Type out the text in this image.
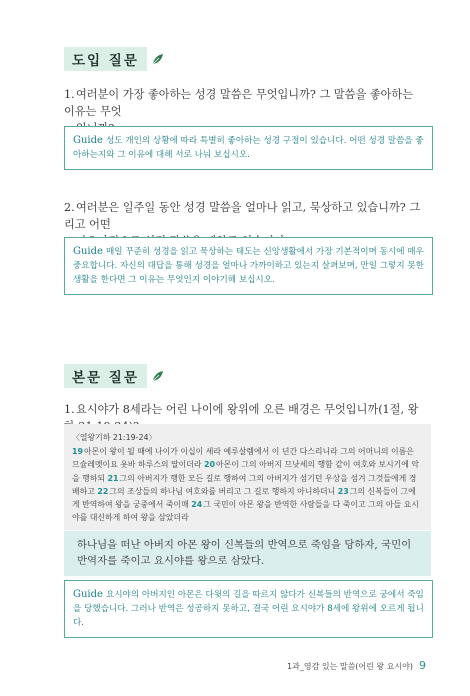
도입 질문
1.여러분이 가장 좋아하는 성경 말씀은 무엇입니까? 그 말씀을 좋아하는 이유는 무엇
Guide 성도 개인의 상황에 따라 특별히 좋아하는 성경 구절이 있습니다. 어떤 성경 말씀을 좋아하는지와 그 이유에 대해 서로 나눠 보십시오.
2.여러분은 일주일 동안 성경 말씀을 얼마나 읽고, 묵상하고 있습니까? 그리고 어떤
Guide 매일 꾸준히 성경을 읽고 묵상하는 태도는 신앙생활에서 가장 기본적이며 동시에 매우 중요합니다. 자신의 대답을 통해 성경을 얼마나 가까이하고 있는지 살펴보며, 만일 그렇지 못한 생활을 한다면 그 이유는 무엇인지 이야기해 보십시오.
본문 질문
1.요시야가 8세라는 어린 나이에 왕위에 오른 배경은 무엇입니까(1절, 왕
〈열왕기하 21:19-24〉
19아몬이 왕이 될 때에 나이가 이십이 세라 예루살렘에서 이 년간 다스리니라 그의 어머니의 이름은 므슐레멧이요 욧바 하루스의 딸이더라 20아몬이 그의 아버지 므낫세의 행함 같이 여호와 보시기에 악을 행하되 21그의 아버지가 행한 모든 길로 행하여 그의 아버지가 섬기던 우상을 섬겨 그것들에게 경배하고 22그의 조상들의 하나님 여호와를 버리고 그 길로 행하지 아니하더니 23그의 신복들이 그에게 반역하여 왕을 궁중에서 죽이매 24그 국민이 아몬 왕을 반역한 사람들을 다 죽이고 그의 아들 요시야를 대신하게 하여 왕을 삼았더라
하나님을 떠난 아버지 아몬 왕이 신복들의 반역으로 죽임을 당하자, 국민이 반역자를 죽이고 요시야를 왕으로 삼았다.
Guide 요시야의 아버지인 아몬은 다윗의 길을 따르지 않다가 신복들의 반역으로 궁에서 죽임을 당했습니다. 그러나 반역은 성공하지 못하고, 결국 어린 요시야가 8세에 왕위에 오르게 됩니다.
1과_영감 있는 말씀(어린 왕 요시야) 9
